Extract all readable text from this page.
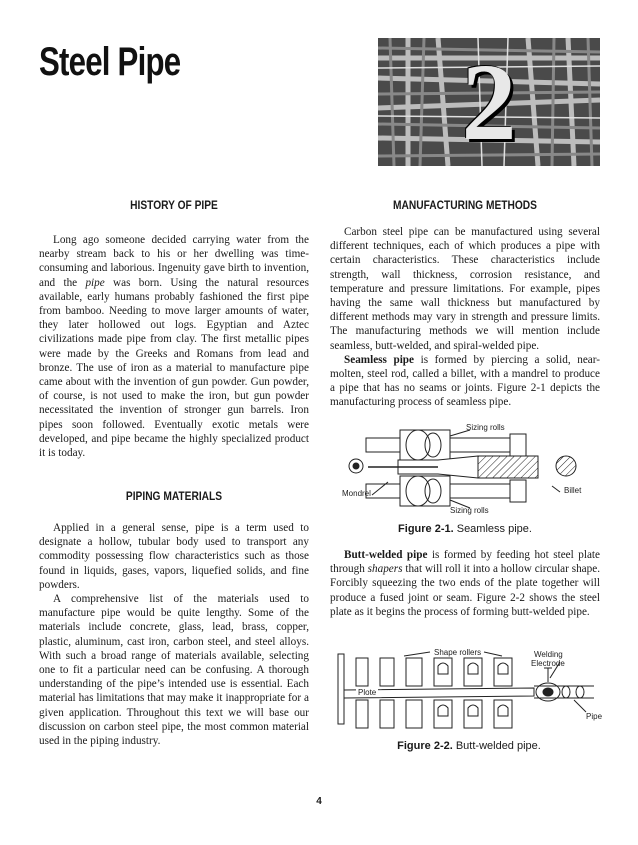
Steel Pipe	2
HISTORY OF PIPE

Long ago someone decided carrying water from the nearby stream back to his or her dwelling was time-consuming and laborious. Ingenuity gave birth to invention, and the pipe was born. Using the natural resources available, early humans probably fashioned the first pipe from bamboo. Needing to move larger amounts of water, they later hollowed out logs. Egyptian and Aztec civilizations made pipe from clay. The first metallic pipes were made by the Greeks and Romans from lead and bronze. The use of iron as a material to manufacture pipe came about with the invention of gun powder. Gun powder, of course, is not used to make the iron, but gun powder necessitated the invention of stronger gun barrels. Iron pipes soon followed. Eventually exotic metals were developed, and pipe became the highly specialized product it is today.

PIPING MATERIALS

Applied in a general sense, pipe is a term used to designate a hollow, tubular body used to transport any commodity possessing flow characteristics such as those found in liquids, gases, vapors, liquefied solids, and fine powders.

A comprehensive list of the materials used to manufacture pipe would be quite lengthy. Some of the materials include concrete, glass, lead, brass, copper, plastic, aluminum, cast iron, carbon steel, and steel alloys. With such a broad range of materials available, selecting one to fit a particular need can be confusing. A thorough understanding of the pipe’s intended use is essential. Each material has limitations that may make it inappropriate for a given application. Throughout this text we will base our discussion on carbon steel pipe, the most common material used in the piping industry.

MANUFACTURING METHODS

Carbon steel pipe can be manufactured using several different techniques, each of which produces a pipe with certain characteristics. These characteristics include strength, wall thickness, corrosion resistance, and temperature and pressure limitations. For example, pipes having the same wall thickness but manufactured by different methods may vary in strength and pressure limits. The manufacturing methods we will mention include seamless, butt-welded, and spiral-welded pipe.

Seamless pipe is formed by piercing a solid, near-molten, steel rod, called a billet, with a mandrel to produce a pipe that has no seams or joints. Figure 2-1 depicts the manufacturing process of seamless pipe.

Sizing rolls
Mondrel	Billet
Sizing rolls
Figure 2-1. Seamless pipe.

Butt-welded pipe is formed by feeding hot steel plate through shapers that will roll it into a hollow circular shape. Forcibly squeezing the two ends of the plate together will produce a fused joint or seam. Figure 2-2 shows the steel plate as it begins the process of forming butt-welded pipe.

Shape rollers	Welding
Electrode
Plote
Pipe
Figure 2-2. Butt-welded pipe.
4
